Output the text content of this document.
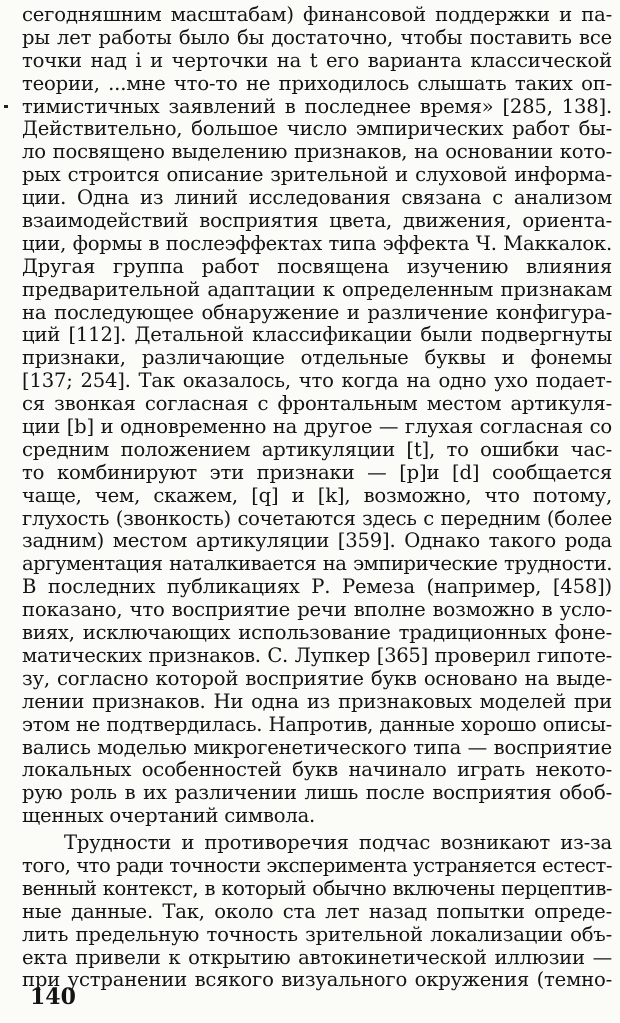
сегодняшним масштабам) финансовой поддержки и па-
ры лет работы было бы достаточно, чтобы поставить все
точки над i и черточки на t его варианта классической
теории, ...мне что-то не приходилось слышать таких оп-
тимистичных заявлений в последнее время» [285, 138].
Действительно, большое число эмпирических работ бы-
ло посвящено выделению признаков, на основании кото-
рых строится описание зрительной и слуховой информа-
ции. Одна из линий исследования связана с анализом
взаимодействий восприятия цвета, движения, ориента-
ции, формы в послеэффектах типа эффекта Ч. Маккалок.
Другая группа работ посвящена изучению влияния
предварительной адаптации к определенным признакам
на последующее обнаружение и различение конфигура-
ций [112]. Детальной классификации были подвергнуты
признаки, различающие отдельные буквы и фонемы
[137; 254]. Так оказалось, что когда на одно ухо подает-
ся звонкая согласная с фронтальным местом артикуля-
ции [b] и одновременно на другое — глухая согласная со
средним положением артикуляции [t], то ошибки час-
то комбинируют эти признаки — [p]и [d] сообщается
чаще, чем, скажем, [q] и [k], возможно, что потому,
глухость (звонкость) сочетаются здесь с передним (более
задним) местом артикуляции [359]. Однако такого рода
аргументация наталкивается на эмпирические трудности.
В последних публикациях Р. Ремеза (например, [458])
показано, что восприятие речи вполне возможно в усло-
виях, исключающих использование традиционных фоне-
матических признаков. С. Лупкер [365] проверил гипоте-
зу, согласно которой восприятие букв основано на выде-
лении признаков. Ни одна из признаковых моделей при
этом не подтвердилась. Напротив, данные хорошо описы-
вались моделью микрогенетического типа — восприятие
локальных особенностей букв начинало играть некото-
рую роль в их различении лишь после восприятия обоб-
щенных очертаний символа.
Трудности и противоречия подчас возникают из-за
того, что ради точности эксперимента устраняется естест-
венный контекст, в который обычно включены перцептив-
ные данные. Так, около ста лет назад попытки опреде-
лить предельную точность зрительной локализации объ-
екта привели к открытию автокинетической иллюзии —
при устранении всякого визуального окружения (темно-
140
